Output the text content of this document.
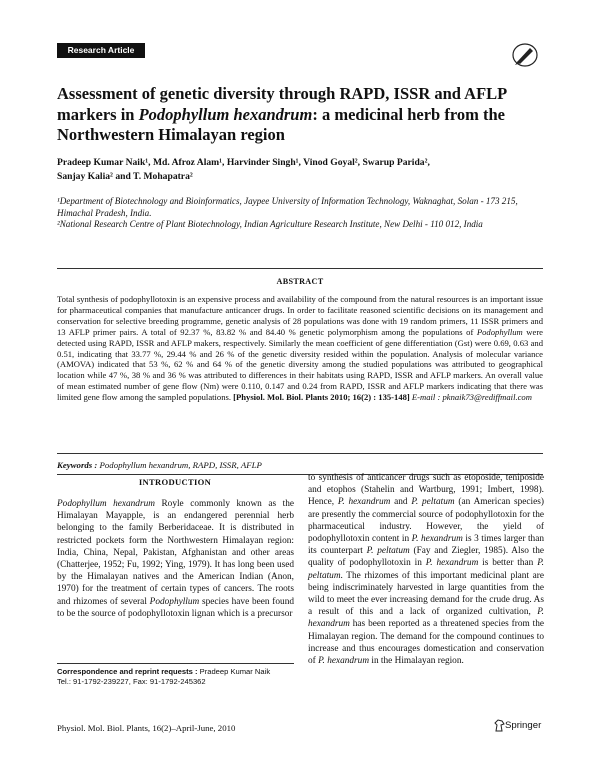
Research Article
Assessment of genetic diversity through RAPD, ISSR and AFLP
markers in Podophyllum hexandrum: a medicinal herb from the
Northwestern Himalayan region
Pradeep Kumar Naik¹, Md. Afroz Alam¹, Harvinder Singh¹, Vinod Goyal², Swarup Parida²,
Sanjay Kalia² and T. Mohapatra²

¹Department of Biotechnology and Bioinformatics, Jaypee University of Information Technology, Waknaghat, Solan - 173 215, Himachal Pradesh, India.

²National Research Centre of Plant Biotechnology, Indian Agriculture Research Institute, New Delhi - 110 012, India

ABSTRACT
Total synthesis of podophyllotoxin is an expensive process and availability of the compound from the natural resources is an important issue for pharmaceutical companies that manufacture anticancer drugs. In order to facilitate reasoned scientific decisions on its management and conservation for selective breeding programme, genetic analysis of 28 populations was done with 19 random primers, 11 ISSR primers and 13 AFLP primer pairs. A total of 92.37 %, 83.82 % and 84.40 % genetic polymorphism among the populations of Podophyllum were detected using RAPD, ISSR and AFLP makers, respectively. Similarly the mean coefficient of gene differentiation (Gst) were 0.69, 0.63 and 0.51, indicating that 33.77 %, 29.44 % and 26 % of the genetic diversity resided within the population. Analysis of molecular variance (AMOVA) indicated that 53 %, 62 % and 64 % of the genetic diversity among the studied populations was attributed to geographical location while 47 %, 38 % and 36 % was attributed to differences in their habitats using RAPD, ISSR and AFLP markers. An overall value of mean estimated number of gene flow (Nm) were 0.110, 0.147 and 0.24 from RAPD, ISSR and AFLP markers indicating that there was limited gene flow among the sampled populations. [Physiol. Mol. Biol. Plants 2010; 16(2) : 135-148] E-mail : pknaik73@rediffmail.com
Keywords : Podophyllum hexandrum, RAPD, ISSR, AFLP
INTRODUCTION
Podophyllum hexandrum Royle commonly known as the Himalayan Mayapple, is an endangered perennial herb belonging to the family Berberidaceae. It is distributed in restricted pockets form the Northwestern Himalayan region: India, China, Nepal, Pakistan, Afghanistan and other areas (Chatterjee, 1952; Fu, 1992; Ying, 1979). It has long been used by the Himalayan natives and the American Indian (Anon, 1970) for the treatment of certain types of cancers. The roots and rhizomes of several Podophyllum species have been found to be the source of podophyllotoxin lignan which is a precursor
to synthesis of anticancer drugs such as etoposide, teniposide and etophos (Stahelin and Wartburg, 1991; Imbert, 1998). Hence, P. hexandrum and P. peltatum (an American species) are presently the commercial source of podophyllotoxin for the pharmaceutical industry. However, the yield of podophyllotoxin content in P. hexandrum is 3 times larger than its counterpart P. peltatum (Fay and Ziegler, 1985). Also the quality of podophyllotoxin in P. hexandrum is better than P. peltatum. The rhizomes of this important medicinal plant are being indiscriminately harvested in large quantities from the wild to meet the ever increasing demand for the crude drug. As a result of this and a lack of organized cultivation, P. hexandrum has been reported as a threatened species from the Himalayan region. The demand for the compound continues to increase and thus encourages domestication and conservation of P. hexandrum in the Himalayan region.
Correspondence and reprint requests : Pradeep Kumar Naik
Tel.: 91-1792-239227, Fax: 91-1792-245362
Physiol. Mol. Biol. Plants, 16(2)–April-June, 2010	Springer
